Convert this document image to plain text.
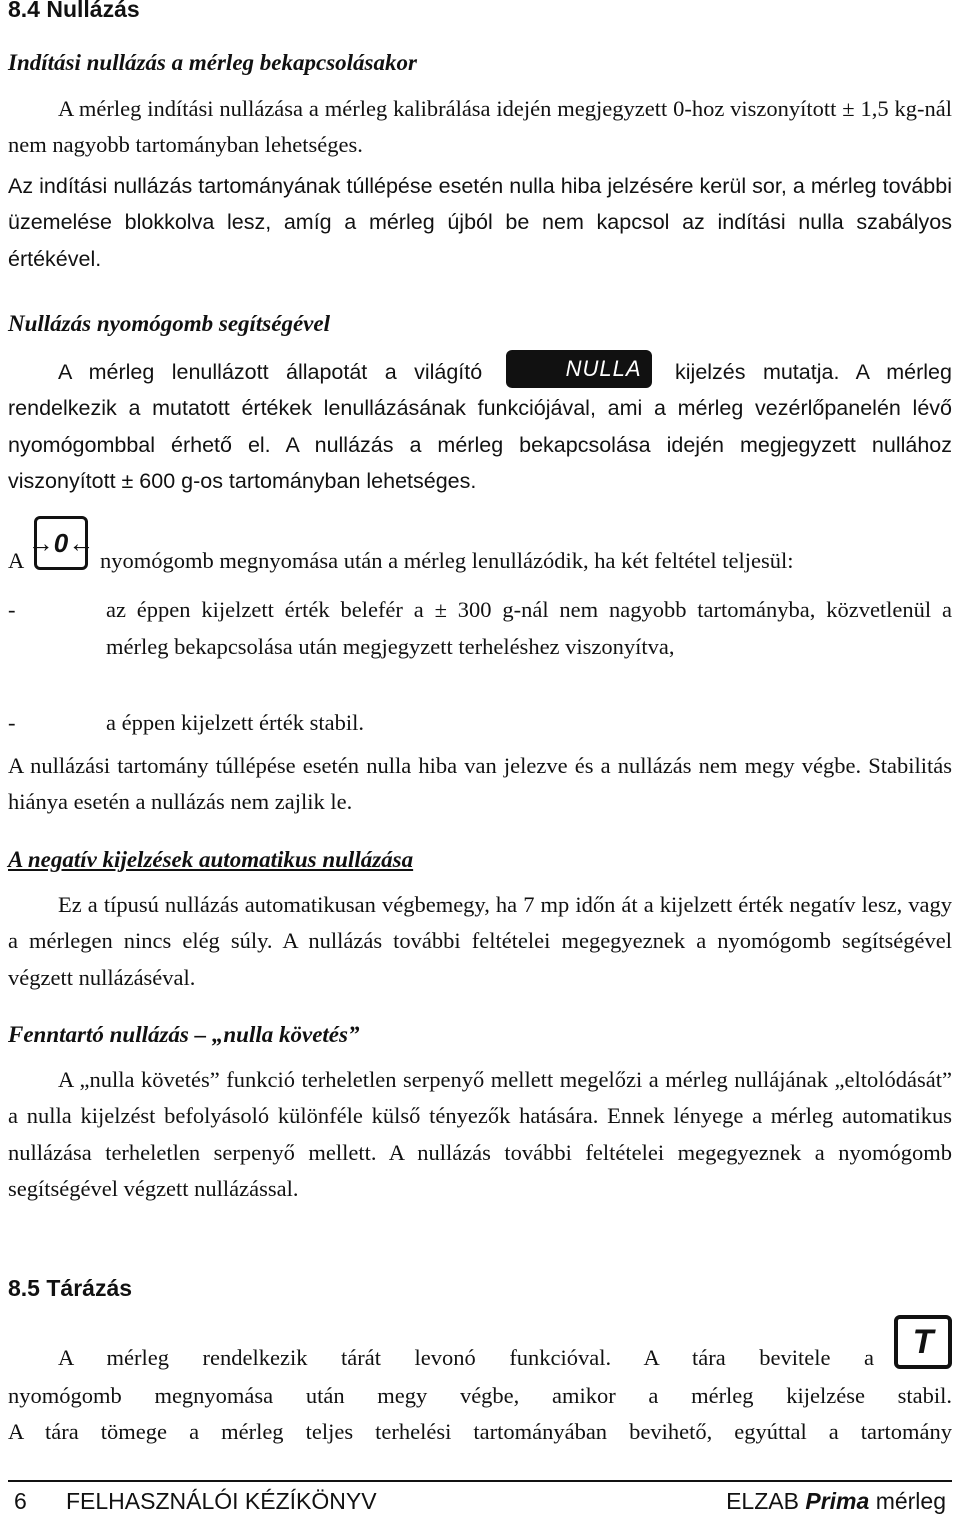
8.4 Nullázás
Indítási nullázás a mérleg bekapcsolásakor
A mérleg indítási nullázása a mérleg kalibrálása idején megjegyzett 0-hoz viszonyított ± 1,5 kg-nál nem nagyobb tartományban lehetséges.
Az indítási nullázás tartományának túllépése esetén nulla hiba jelzésére kerül sor, a mérleg további üzemelése blokkolva lesz, amíg a mérleg újból be nem kapcsol az indítási nulla szabályos értékével.
Nullázás nyomógomb segítségével
A mérleg lenullázott állapotát a világító	NULLA kijelzés mutatja. A mérleg rendelkezik a mutatott értékek lenullázásának funkciójával, ami a mérleg vezérlőpanelén lévő nyomógombbal érhető el. A nullázás a mérleg bekapcsolása idején megjegyzett nullához viszonyított ± 600 g-os tartományban lehetséges.
A
→0←
nyomógomb megnyomása után a mérleg lenullázódik, ha két feltétel teljesül:
-	az éppen kijelzett érték belefér a ± 300 g-nál nem nagyobb tartományba, közvetlenül a mérleg bekapcsolása után megjegyzett terheléshez viszonyítva,
-	a éppen kijelzett érték stabil.
A nullázási tartomány túllépése esetén nulla hiba van jelezve és a nullázás nem megy végbe. Stabilitás hiánya esetén a nullázás nem zajlik le.
A negatív kijelzések automatikus nullázása
Ez a típusú nullázás automatikusan végbemegy, ha 7 mp időn át a kijelzett érték negatív lesz, vagy a mérlegen nincs elég súly. A nullázás további feltételei megegyeznek a nyomógomb segítségével végzett nullázáséval.
Fenntartó nullázás – „nulla követés”
A „nulla követés” funkció terheletlen serpenyő mellett megelőzi a mérleg nullájának „eltolódását” a nulla kijelzést befolyásoló különféle külső tényezők hatására. Ennek lényege a mérleg automatikus nullázása terheletlen serpenyő mellett. A nullázás további feltételei megegyeznek a nyomógomb segítségével végzett nullázással.
8.5 Tárázás
A mérleg rendelkezik tárát levonó funkcióval. A tára bevitele a	T
nyomógomb megnyomása után megy végbe, amikor a mérleg kijelzése stabil.
A tára tömege a mérleg teljes terhelési tartományában bevihető, egyúttal a tartomány
6 FELHASZNÁLÓI KÉZÍKÖNYV	ELZAB Prima mérleg
